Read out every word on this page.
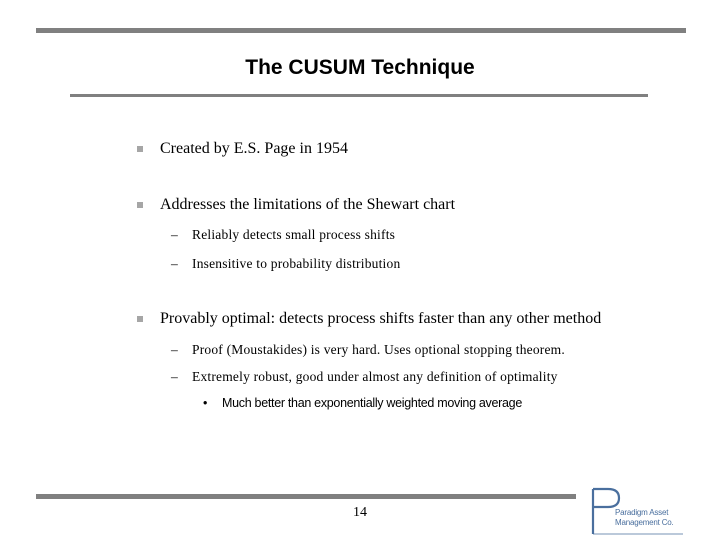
The CUSUM Technique
Created by E.S. Page in 1954
Addresses the limitations of the Shewart chart
– Reliably detects small process shifts
– Insensitive to probability distribution
Provably optimal: detects process shifts faster than any other method
– Proof (Moustakides) is very hard. Uses optional stopping theorem.
– Extremely robust, good under almost any definition of optimality
• Much better than exponentially weighted moving average
14	Paradigm Asset
Management Co.
